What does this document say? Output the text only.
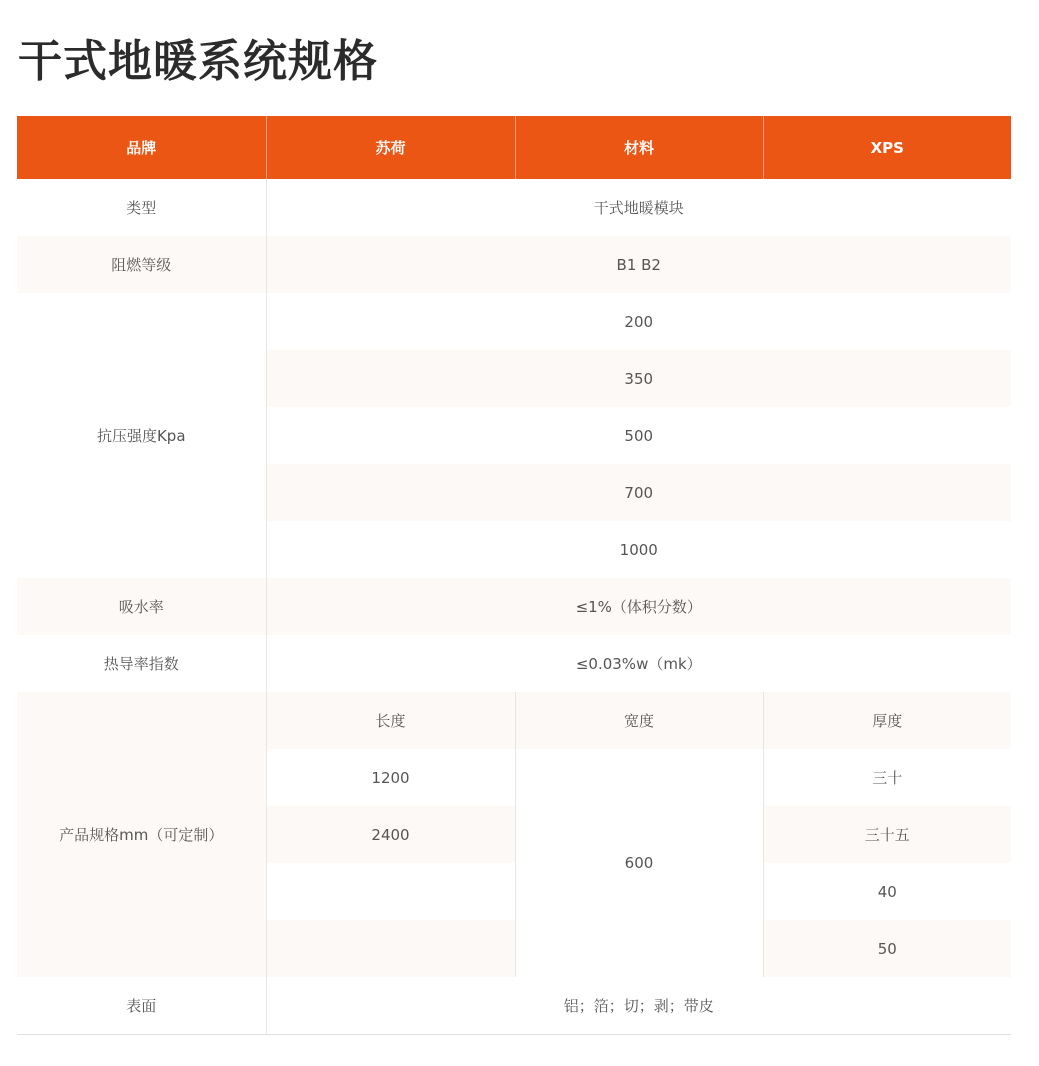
干式地暖系统规格
品牌	苏荷	材料	XPS
类型	干式地暖模块		
阻燃等级	B1 B2		
抗压强度Kpa	200		
	350		
	500		
	700		
	1000		
吸水率	≤1%（体积分数）		
热导率指数	≤0.03%w（mk）		
产品规格mm（可定制）	长度	宽度	厚度
	1200	600	三十
	2400		三十五
			40
			50
表面	铝；箔；切；剥；带皮		
